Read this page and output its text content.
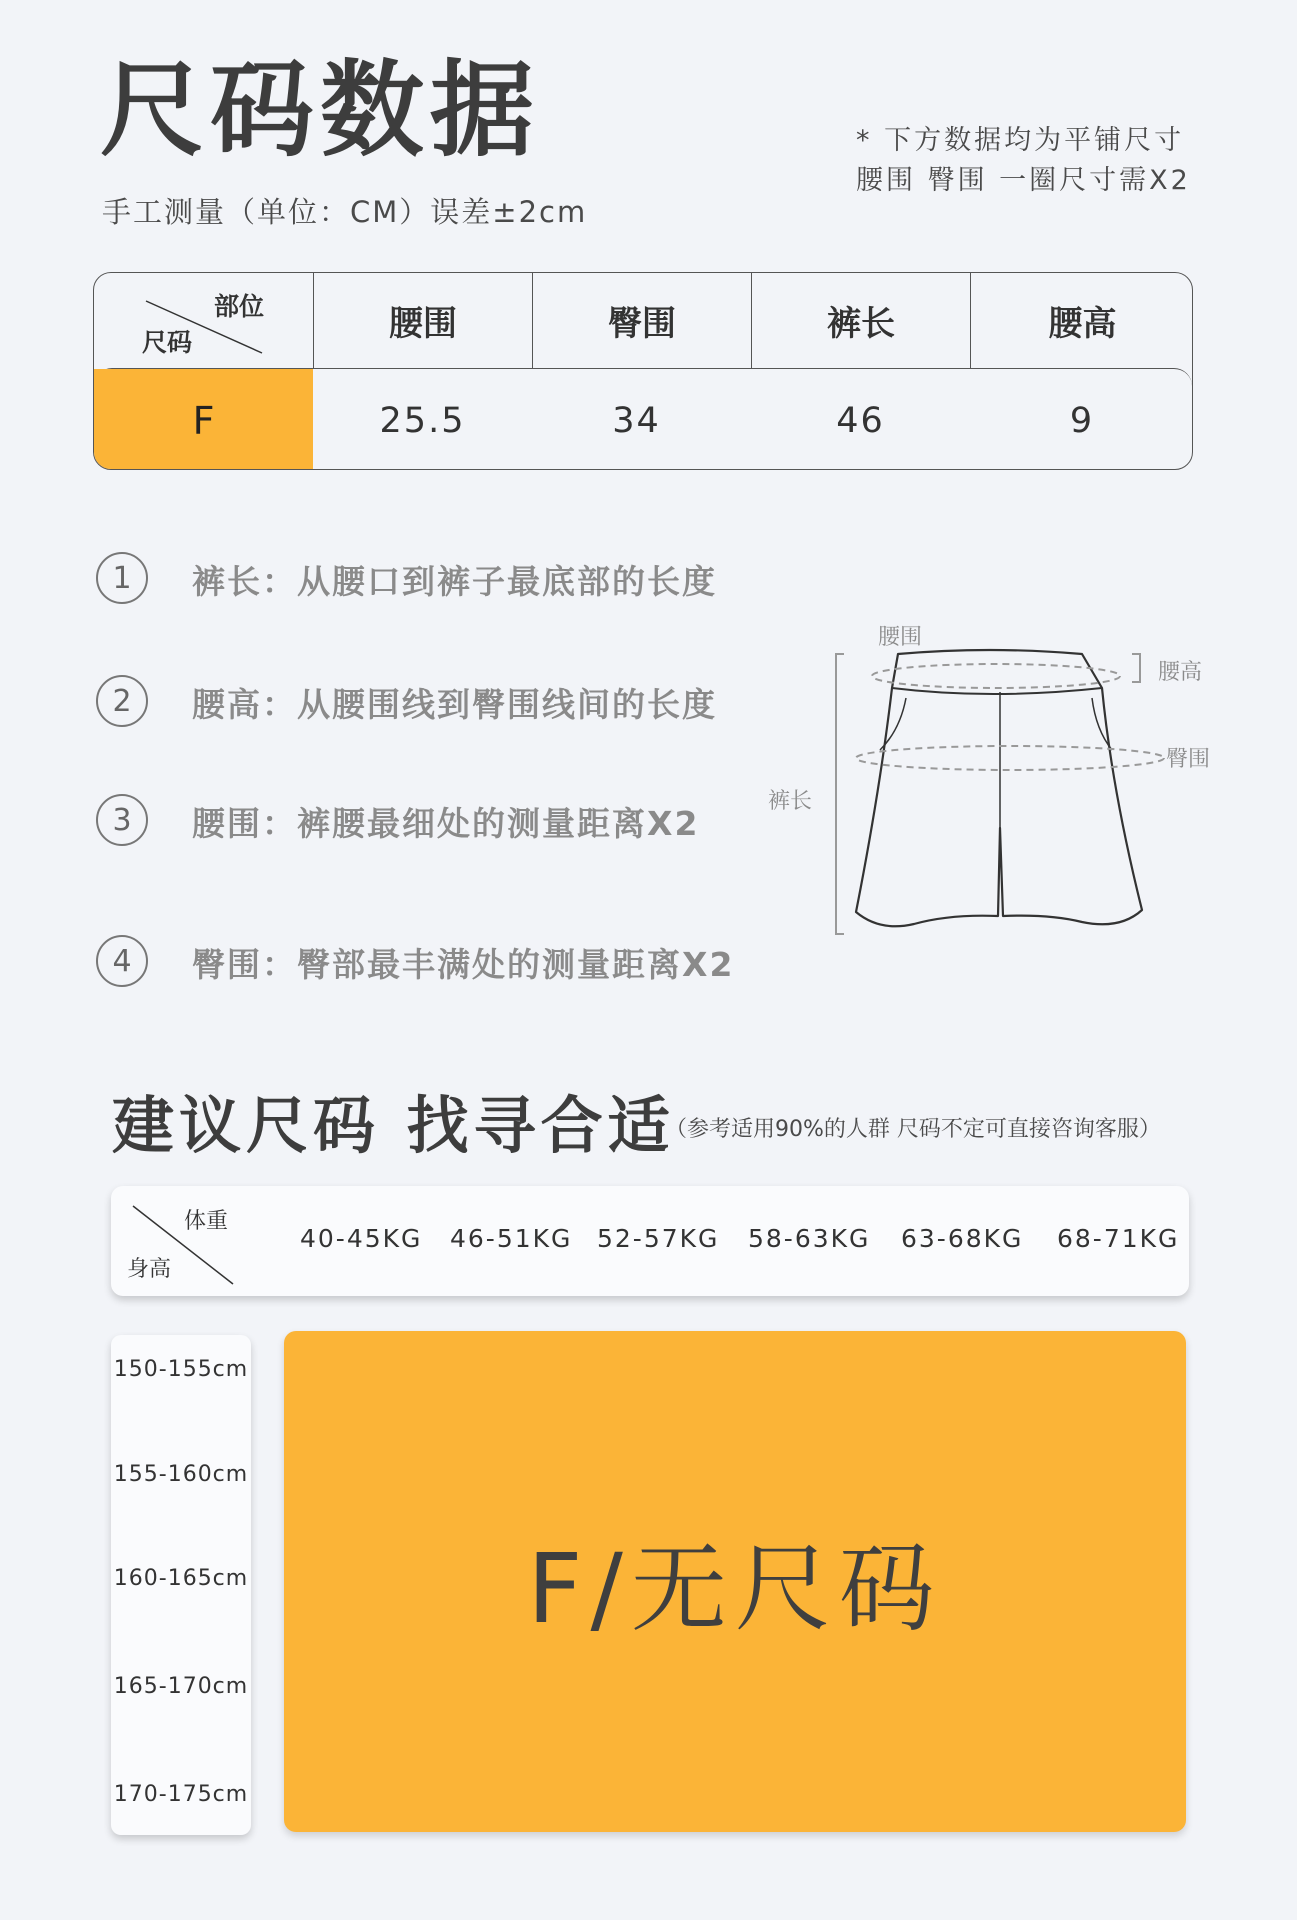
尺码数据
手工测量（单位：CM）误差±2cm
* 下方数据均为平铺尺寸
腰围 臀围 一圈尺寸需X2
部位
尺码	腰围	臀围	裤长	腰高
F	25.5	34	46	9
1	裤长：从腰口到裤子最底部的长度
2	腰高：从腰围线到臀围线间的长度
3	腰围：裤腰最细处的测量距离X2
4	臀围：臀部最丰满处的测量距离X2
腰围
腰高
臀围
裤长
建议尺码 找寻合适
（参考适用90%的人群 尺码不定可直接咨询客服）
体重
身高
40-45KG 46-51KG 52-57KG 58-63KG 63-68KG 68-71KG
150-155cm
155-160cm
160-165cm
165-170cm
170-175cm
F/无尺码
